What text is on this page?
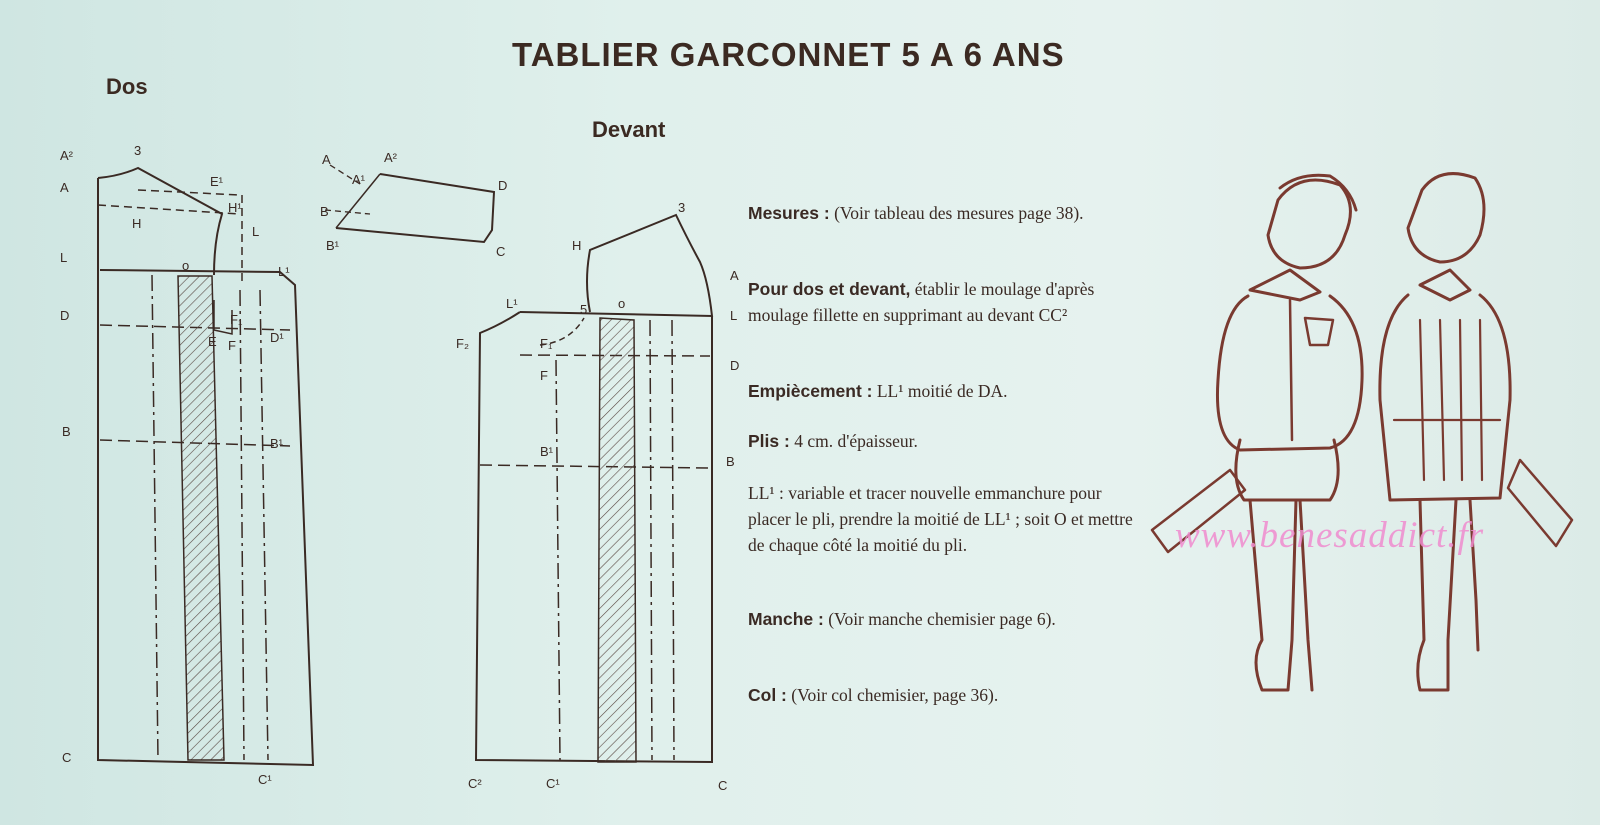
TABLIER GARCONNET 5 A 6 ANS
Dos
Devant
A²	3
A	E¹
H¹
H
L
L
o	L¹
D	F₁
E F
D¹
B
B¹
C
C¹
A
A¹
A²
D
B
B¹	C
3
H
A
L¹	5 o
L
F₁
F₂
F
D
B¹
B
C²	C¹	C
Mesures : (Voir tableau des mesures page 38).
Pour dos et devant, établir le moulage d'après moulage fillette en supprimant au devant CC²
Empiècement : LL¹ moitié de DA.
Plis : 4 cm. d'épaisseur.
LL¹ : variable et tracer nouvelle emmanchure pour placer le pli, prendre la moitié de LL¹ ; soit O et mettre de chaque côté la moitié du pli.
Manche : (Voir manche chemisier page 6).
Col : (Voir col chemisier, page 36).
www.benesaddict.fr
